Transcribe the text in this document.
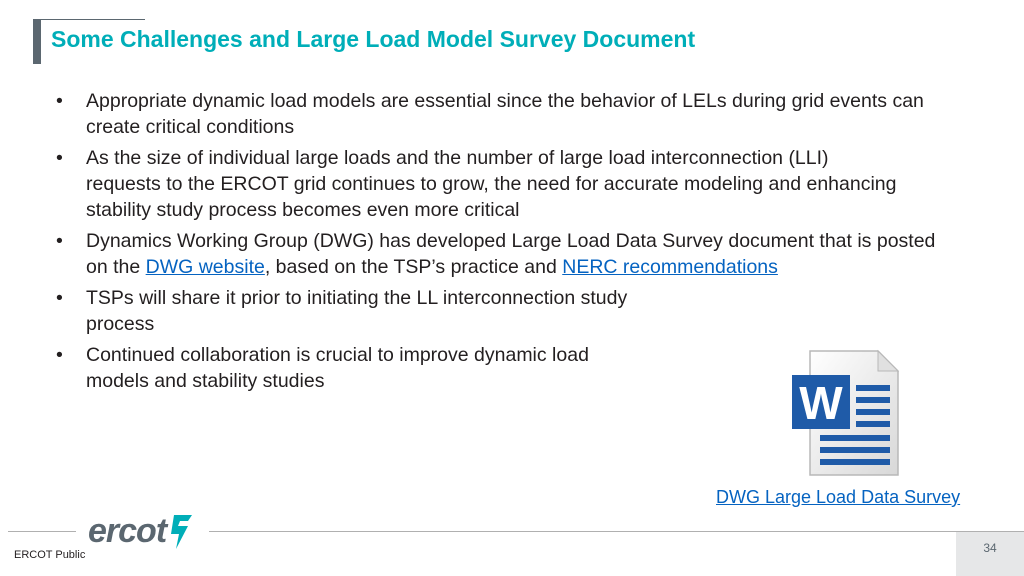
Some Challenges and Large Load Model Survey Document
• Appropriate dynamic load models are essential since the behavior of LELs during grid events can create critical conditions
• As the size of individual large loads and the number of large load interconnection (LLI) requests to the ERCOT grid continues to grow, the need for accurate modeling and enhancing stability study process becomes even more critical
• Dynamics Working Group (DWG) has developed Large Load Data Survey document that is posted on the DWG website, based on the TSP’s practice and NERC recommendations
• TSPs will share it prior to initiating the LL interconnection study process
• Continued collaboration is crucial to improve dynamic load models and stability studies	W
DWG Large Load Data Survey
ercot
ERCOT Public	34
